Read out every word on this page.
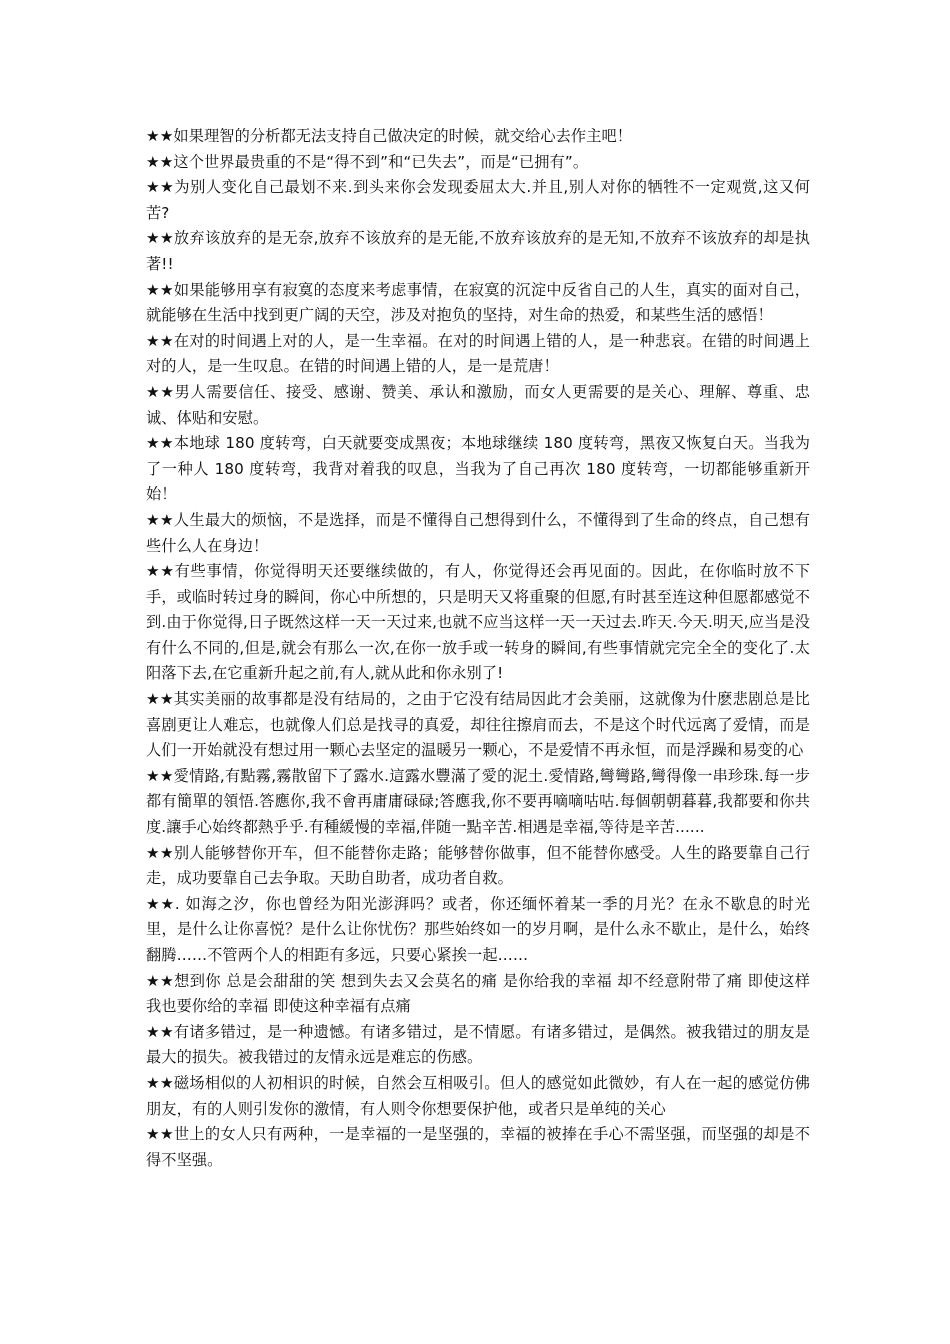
★★如果理智的分析都无法支持自己做决定的时候，就交给心去作主吧！

★★这个世界最贵重的不是“得不到”和“已失去”，而是“已拥有”。

★★为别人变化自己最划不来.到头来你会发现委屈太大.并且,别人对你的牺牲不一定观赏,这又何苦?

★★放弃该放弃的是无奈,放弃不该放弃的是无能,不放弃该放弃的是无知,不放弃不该放弃的却是执著!!

★★如果能够用享有寂寞的态度来考虑事情，在寂寞的沉淀中反省自己的人生，真实的面对自己，就能够在生活中找到更广阔的天空，涉及对抱负的坚持，对生命的热爱，和某些生活的感悟！

★★在对的时间遇上对的人，是一生幸福。在对的时间遇上错的人，是一种悲哀。在错的时间遇上对的人，是一生叹息。在错的时间遇上错的人，是一是荒唐！

★★男人需要信任、接受、感谢、赞美、承认和激励，而女人更需要的是关心、理解、尊重、忠诚、体贴和安慰。

★★本地球 180 度转弯，白天就要变成黑夜；本地球继续 180 度转弯，黑夜又恢复白天。当我为了一种人 180 度转弯，我背对着我的叹息，当我为了自己再次 180 度转弯，一切都能够重新开始！

★★人生最大的烦恼，不是选择，而是不懂得自己想得到什么，不懂得到了生命的终点，自己想有些什么人在身边！

★★有些事情，你觉得明天还要继续做的，有人，你觉得还会再见面的。因此，在你临时放不下手，或临时转过身的瞬间，你心中所想的，只是明天又将重聚的但愿,有时甚至连这种但愿都感觉不到.由于你觉得,日子既然这样一天一天过来,也就不应当这样一天一天过去.昨天.今天.明天,应当是没有什么不同的,但是,就会有那么一次,在你一放手或一转身的瞬间,有些事情就完完全全的变化了.太阳落下去,在它重新升起之前,有人,就从此和你永别了!

★★其实美丽的故事都是没有结局的，之由于它没有结局因此才会美丽，这就像为什麽悲剧总是比喜剧更让人难忘，也就像人们总是找寻的真爱，却往往擦肩而去，不是这个时代远离了爱情，而是人们一开始就没有想过用一颗心去坚定的温暖另一颗心，不是爱情不再永恒，而是浮躁和易变的心

★★愛情路,有點霧,霧散留下了露水.這露水豐滿了愛的泥土.愛情路,彎彎路,彎得像一串珍珠.每一步都有簡單的領悟.答應你,我不會再庸庸碌碌;答應我,你不要再嘀嘀咕咕.每個朝朝暮暮,我都要和你共度.讓手心始终都熱乎乎.有種緩慢的幸福,伴随一點辛苦.相遇是幸福,等待是辛苦......

★★别人能够替你开车，但不能替你走路；能够替你做事，但不能替你感受。人生的路要靠自己行走，成功要靠自己去争取。天助自助者，成功者自救。

★★. 如海之汐，你也曾经为阳光澎湃吗？或者，你还缅怀着某一季的月光？在永不歇息的时光里，是什么让你喜悦？是什么让你忧伤？那些始终如一的岁月啊，是什么永不歇止，是什么，始终翻腾……不管两个人的相距有多远，只要心紧挨一起……

★★想到你 总是会甜甜的笑 想到失去又会莫名的痛 是你给我的幸福 却不经意附带了痛 即使这样 我也要你给的幸福 即使这种幸福有点痛

★★有诸多错过，是一种遗憾。有诸多错过，是不情愿。有诸多错过，是偶然。被我错过的朋友是最大的损失。被我错过的友情永远是难忘的伤感。

★★磁场相似的人初相识的时候，自然会互相吸引。但人的感觉如此微妙，有人在一起的感觉仿佛朋友，有的人则引发你的激情，有人则令你想要保护他，或者只是单纯的关心

★★世上的女人只有两种，一是幸福的一是坚强的，幸福的被捧在手心不需坚强，而坚强的却是不得不坚强。
